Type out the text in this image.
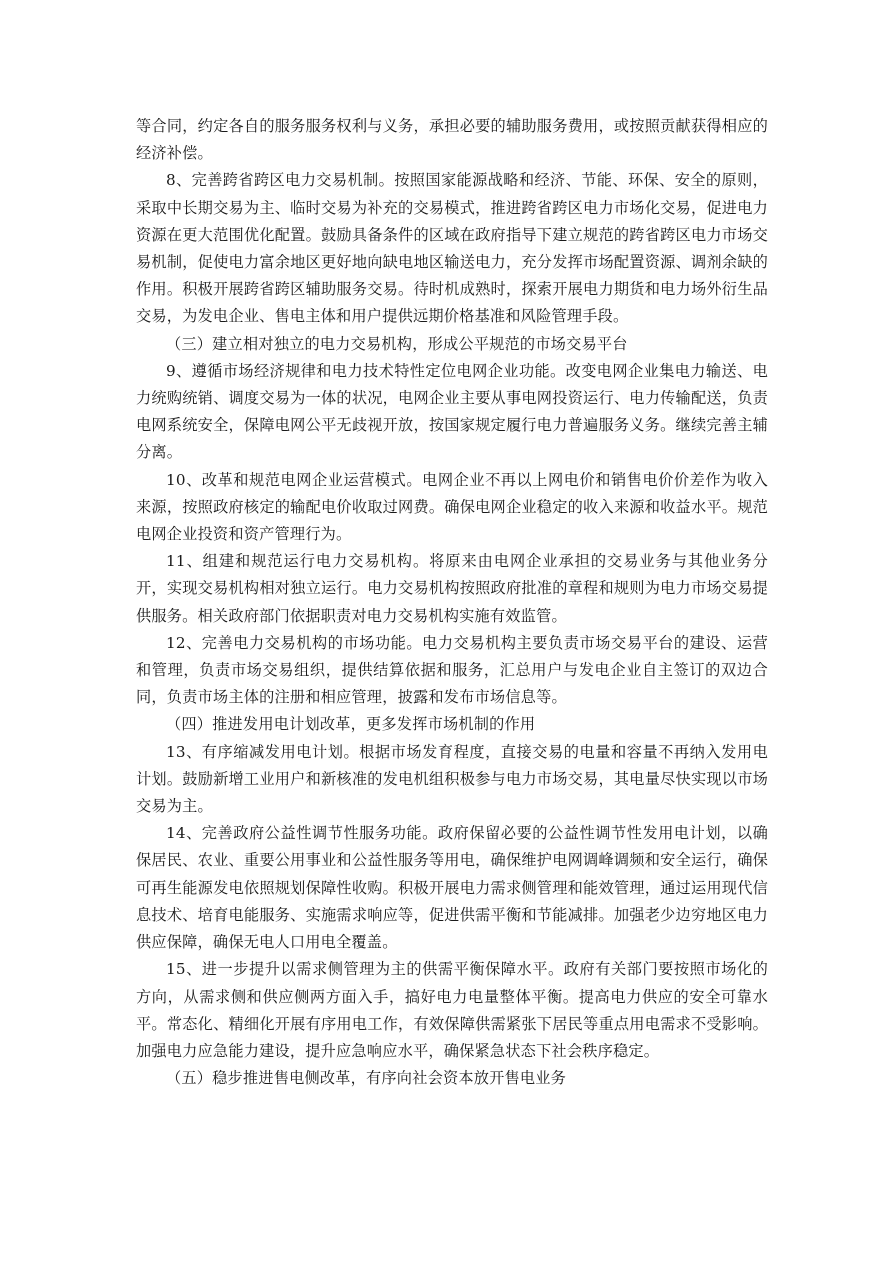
等合同，约定各自的服务服务权利与义务，承担必要的辅助服务费用，或按照贡献获得相应的经济补偿。

8、完善跨省跨区电力交易机制。按照国家能源战略和经济、节能、环保、安全的原则，采取中长期交易为主、临时交易为补充的交易模式，推进跨省跨区电力市场化交易，促进电力资源在更大范围优化配置。鼓励具备条件的区域在政府指导下建立规范的跨省跨区电力市场交易机制，促使电力富余地区更好地向缺电地区输送电力，充分发挥市场配置资源、调剂余缺的作用。积极开展跨省跨区辅助服务交易。待时机成熟时，探索开展电力期货和电力场外衍生品交易，为发电企业、售电主体和用户提供远期价格基准和风险管理手段。

（三）建立相对独立的电力交易机构，形成公平规范的市场交易平台

9、遵循市场经济规律和电力技术特性定位电网企业功能。改变电网企业集电力输送、电力统购统销、调度交易为一体的状况，电网企业主要从事电网投资运行、电力传输配送，负责电网系统安全，保障电网公平无歧视开放，按国家规定履行电力普遍服务义务。继续完善主辅分离。

10、改革和规范电网企业运营模式。电网企业不再以上网电价和销售电价价差作为收入来源，按照政府核定的输配电价收取过网费。确保电网企业稳定的收入来源和收益水平。规范电网企业投资和资产管理行为。

11、组建和规范运行电力交易机构。将原来由电网企业承担的交易业务与其他业务分开，实现交易机构相对独立运行。电力交易机构按照政府批准的章程和规则为电力市场交易提供服务。相关政府部门依据职责对电力交易机构实施有效监管。

12、完善电力交易机构的市场功能。电力交易机构主要负责市场交易平台的建设、运营和管理，负责市场交易组织，提供结算依据和服务，汇总用户与发电企业自主签订的双边合同，负责市场主体的注册和相应管理，披露和发布市场信息等。

（四）推进发用电计划改革，更多发挥市场机制的作用

13、有序缩减发用电计划。根据市场发育程度，直接交易的电量和容量不再纳入发用电计划。鼓励新增工业用户和新核准的发电机组积极参与电力市场交易，其电量尽快实现以市场交易为主。

14、完善政府公益性调节性服务功能。政府保留必要的公益性调节性发用电计划，以确保居民、农业、重要公用事业和公益性服务等用电，确保维护电网调峰调频和安全运行，确保可再生能源发电依照规划保障性收购。积极开展电力需求侧管理和能效管理，通过运用现代信息技术、培育电能服务、实施需求响应等，促进供需平衡和节能减排。加强老少边穷地区电力供应保障，确保无电人口用电全覆盖。

15、进一步提升以需求侧管理为主的供需平衡保障水平。政府有关部门要按照市场化的方向，从需求侧和供应侧两方面入手，搞好电力电量整体平衡。提高电力供应的安全可靠水平。常态化、精细化开展有序用电工作，有效保障供需紧张下居民等重点用电需求不受影响。加强电力应急能力建设，提升应急响应水平，确保紧急状态下社会秩序稳定。

（五）稳步推进售电侧改革，有序向社会资本放开售电业务
